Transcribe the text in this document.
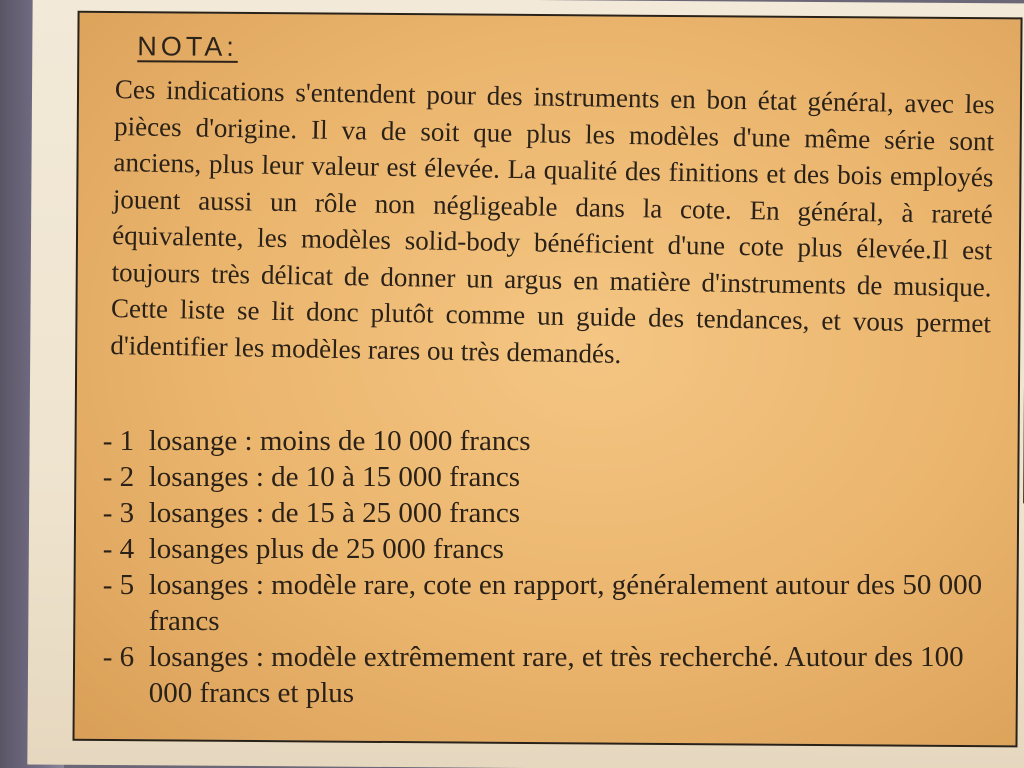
NOTA:
Ces indications s'entendent pour des instruments en bon état général, avec les pièces d'origine. Il va de soit que plus les modèles d'une même série sont anciens, plus leur valeur est élevée. La qualité des finitions et des bois employés jouent aussi un rôle non négligeable dans la cote. En général, à rareté équivalente, les modèles solid-body bénéficient d'une cote plus élevée.Il est toujours très délicat de donner un argus en matière d'instruments de musique. Cette liste se lit donc plutôt comme un guide des tendances, et vous permet d'identifier les modèles rares ou très demandés.
- 1 losange : moins de 10 000 francs
- 2 losanges : de 10 à 15 000 francs
- 3 losanges : de 15 à 25 000 francs
- 4 losanges plus de 25 000 francs
- 5 losanges : modèle rare, cote en rapport, généralement autour des 50 000 francs
- 6 losanges : modèle extrêmement rare, et très recherché. Autour des 100 000 francs et plus
